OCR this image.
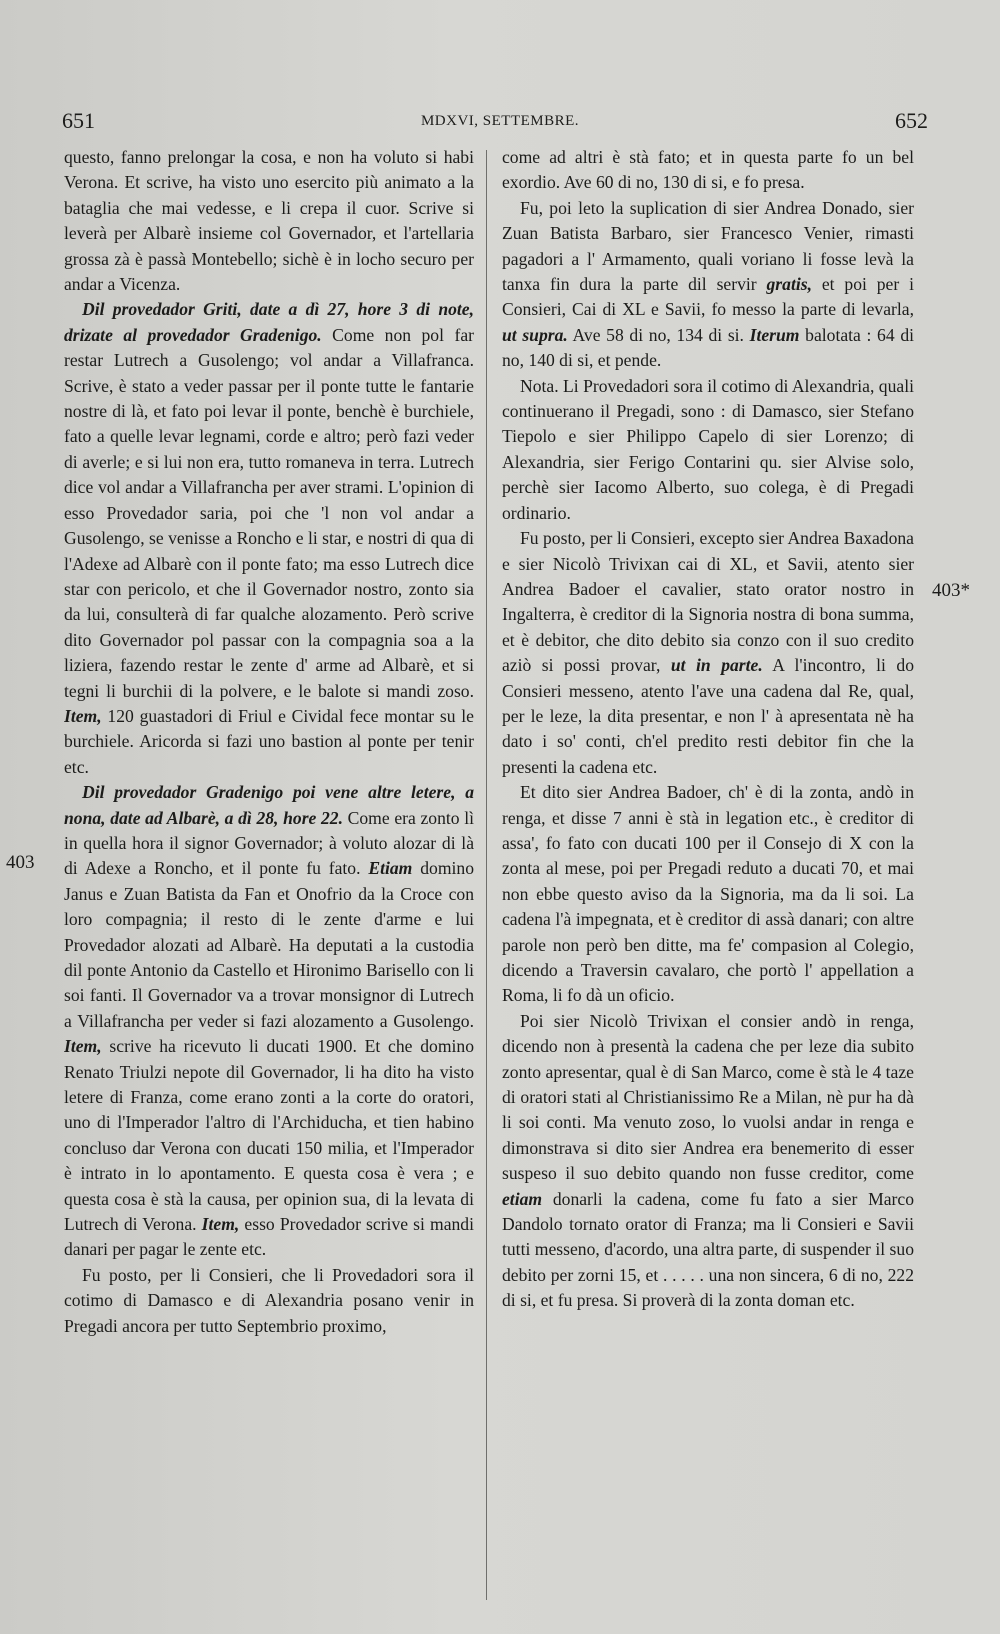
651	MDXVI, SETTEMBRE.	652
403
403*

questo, fanno prelongar la cosa, e non ha voluto si habi Verona. Et scrive, ha visto uno esercito più animato a la bataglia che mai vedesse, e li crepa il cuor. Scrive si leverà per Albarè insieme col Governador, et l'artellaria grossa zà è passà Montebello; sichè è in locho securo per andar a Vicenza.

Dil provedador Griti, date a dì 27, hore 3 di note, drizate al provedador Gradenigo. Come non pol far restar Lutrech a Gusolengo; vol andar a Villafranca. Scrive, è stato a veder passar per il ponte tutte le fantarie nostre di là, et fato poi levar il ponte, benchè è burchiele, fato a quelle levar legnami, corde e altro; però fazi veder di averle; e si lui non era, tutto romaneva in terra. Lutrech dice vol andar a Villafrancha per aver strami. L'opinion di esso Provedador saria, poi che 'l non vol andar a Gusolengo, se venisse a Roncho e li star, e nostri di qua di l'Adexe ad Albarè con il ponte fato; ma esso Lutrech dice star con pericolo, et che il Governador nostro, zonto sia da lui, consulterà di far qualche alozamento. Però scrive dito Governador pol passar con la compagnia soa a la liziera, fazendo restar le zente d' arme ad Albarè, et si tegni li burchii di la polvere, e le balote si mandi zoso. Item, 120 guastadori di Friul e Cividal fece montar su le burchiele. Aricorda si fazi uno bastion al ponte per tenir etc.

Dil provedador Gradenigo poi vene altre letere, a nona, date ad Albarè, a dì 28, hore 22. Come era zonto lì in quella hora il signor Governador; à voluto alozar di là di Adexe a Roncho, et il ponte fu fato. Etiam domino Janus e Zuan Batista da Fan et Onofrio da la Croce con loro compagnia; il resto di le zente d'arme e lui Provedador alozati ad Albarè. Ha deputati a la custodia dil ponte Antonio da Castello et Hironimo Barisello con li soi fanti. Il Governador va a trovar monsignor di Lutrech a Villafrancha per veder si fazi alozamento a Gusolengo. Item, scrive ha ricevuto li ducati 1900. Et che domino Renato Triulzi nepote dil Governador, li ha dito ha visto letere di Franza, come erano zonti a la corte do oratori, uno di l'Imperador l'altro di l'Archiducha, et tien habino concluso dar Verona con ducati 150 milia, et l'Imperador è intrato in lo apontamento. E questa cosa è vera ; e questa cosa è stà la causa, per opinion sua, di la levata di Lutrech di Verona. Item, esso Provedador scrive si mandi danari per pagar le zente etc.

Fu posto, per li Consieri, che li Provedadori sora il cotimo di Damasco e di Alexandria posano venir in Pregadi ancora per tutto Septembrio proximo,

come ad altri è stà fato; et in questa parte fo un bel exordio. Ave 60 di no, 130 di si, e fo presa.

Fu, poi leto la suplication di sier Andrea Donado, sier Zuan Batista Barbaro, sier Francesco Venier, rimasti pagadori a l' Armamento, quali voriano li fosse levà la tanxa fin dura la parte dil servir gratis, et poi per i Consieri, Cai di XL e Savii, fo messo la parte di levarla, ut supra. Ave 58 di no, 134 di si. Iterum balotata : 64 di no, 140 di si, et pende.

Nota. Li Provedadori sora il cotimo di Alexandria, quali continuerano il Pregadi, sono : di Damasco, sier Stefano Tiepolo e sier Philippo Capelo di sier Lorenzo; di Alexandria, sier Ferigo Contarini qu. sier Alvise solo, perchè sier Iacomo Alberto, suo colega, è di Pregadi ordinario.

Fu posto, per li Consieri, excepto sier Andrea Baxadona e sier Nicolò Trivixan cai di XL, et Savii, atento sier Andrea Badoer el cavalier, stato orator nostro in Ingalterra, è creditor di la Signoria nostra di bona summa, et è debitor, che dito debito sia conzo con il suo credito aziò si possi provar, ut in parte. A l'incontro, li do Consieri messeno, atento l'ave una cadena dal Re, qual, per le leze, la dita presentar, e non l' à apresentata nè ha dato i so' conti, ch'el predito resti debitor fin che la presenti la cadena etc.

Et dito sier Andrea Badoer, ch' è di la zonta, andò in renga, et disse 7 anni è stà in legation etc., è creditor di assa', fo fato con ducati 100 per il Consejo di X con la zonta al mese, poi per Pregadi reduto a ducati 70, et mai non ebbe questo aviso da la Signoria, ma da li soi. La cadena l'à impegnata, et è creditor di assà danari; con altre parole non però ben ditte, ma fe' compasion al Colegio, dicendo a Traversin cavalaro, che portò l' appellation a Roma, li fo dà un oficio.

Poi sier Nicolò Trivixan el consier andò in renga, dicendo non à presentà la cadena che per leze dia subito zonto apresentar, qual è di San Marco, come è stà le 4 taze di oratori stati al Christianissimo Re a Milan, nè pur ha dà li soi conti. Ma venuto zoso, lo vuolsi andar in renga e dimonstrava si dito sier Andrea era benemerito di esser suspeso il suo debito quando non fusse creditor, come etiam donarli la cadena, come fu fato a sier Marco Dandolo tornato orator di Franza; ma li Consieri e Savii tutti messeno, d'acordo, una altra parte, di suspender il suo debito per zorni 15, et . . . . . una non sincera, 6 di no, 222 di si, et fu presa. Si proverà di la zonta doman etc.
